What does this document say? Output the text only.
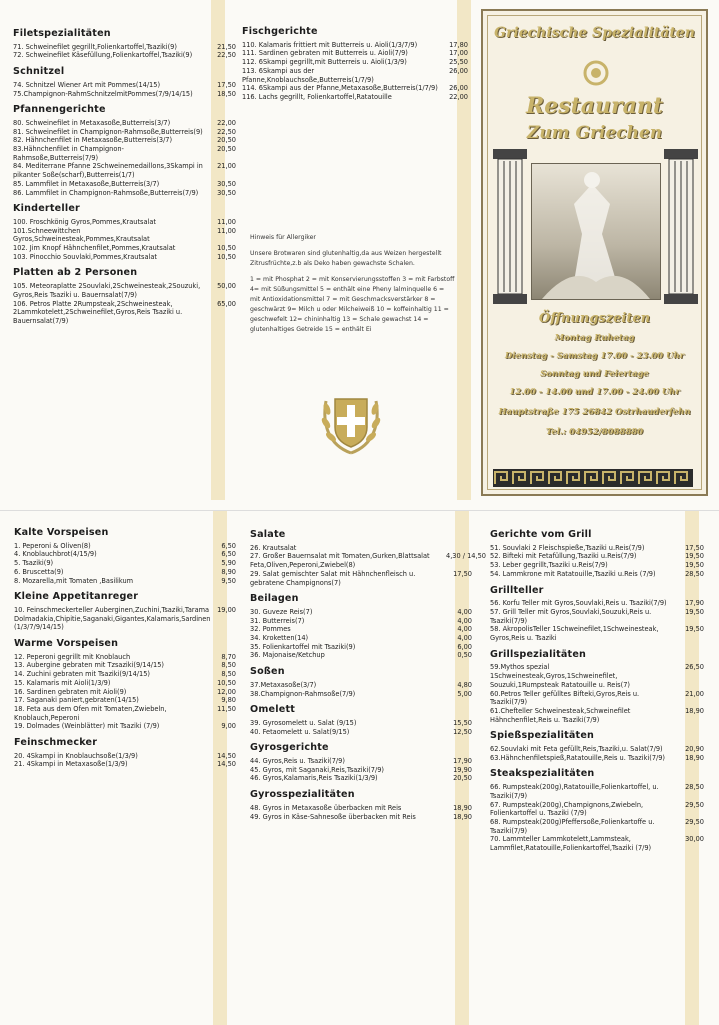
Filetspezialitäten
71. Schweinefilet gegrillt,Folienkartoffel,Tsaziki(9)	21,50
72. Schweinefilet Käsefüllung,Folienkartoffel,Tsaziki(9)	22,50
Schnitzel
74. Schnitzel Wiener Art mit Pommes(14/15)	17,50
75.Champignon-RahmSchnitzelmitPommes(7/9/14/15)	18,50
Pfannengerichte
80. Schweinefilet in Metaxasoße,Butterreis(3/7)	22,00
81. Schweinefilet in Champignon-Rahmsoße,Butterreis(9)	22,50
82. Hähnchenfilet in Metaxasoße,Butterreis(3/7)	20,50
83.Hähnchenfilet in Champignon-Rahmsoße,Butterreis(7/9)
20,50
84. Mediterrane Pfanne 2Schweinemedaillons,3Skampi in pikanter Soße(scharf),Butterreis(1/7)
21,00
85. Lammfilet in Metaxasoße,Butterreis(3/7)	30,50
86. Lammfilet in Champignon-Rahmsoße,Butterreis(7/9)	30,50
Kinderteller
100. Froschkönig Gyros,Pommes,Krautsalat	11,00
101.Schneewittchen Gyros,Schweinesteak,Pommes,Krautsalat
11,00
102. Jim Knopf Hähnchenfilet,Pommes,Krautsalat	10,50
103. Pinocchio Souvlaki,Pommes,Krautsalat	10,50
Platten ab 2 Personen
105. Meteoraplatte 2Souvlaki,2Schweinesteak,2Souzuki, Gyros,Reis Tsaziki u. Bauernsalat(7/9)
50,00
106. Petros Platte 2Rumpsteak,2Schweinesteak, 2Lammkotelett,2Schweinefilet,Gyros,Reis Tsaziki u. Bauernsalat(7/9)
65,00
Fischgerichte
110. Kalamaris frittiert mit Butterreis u. Aioli(1/3/7/9)	17,80
111. Sardinen gebraten mit Butterreis u. Aioli(7/9)	17,00
112. 6Skampi gegrillt,mit Butterreis u. Aioli(1/3/9)	25,50
113. 6Skampi aus der Pfanne,Knoblauchsoße,Butterreis(1/7/9)
26,00
114. 6Skampi aus der Pfanne,Metaxasoße,Butterreis(1/7/9)	26,00
116. Lachs gegrillt, Folienkartoffel,Ratatouille	22,00

Hinweis für Allergiker

Unsere Brotwaren sind glutenhaltig,da aus Weizen hergestellt Zitrusfrüchte,z.b als Deko haben gewachste Schalen.

1 = mit Phosphat 2 = mit Konservierungsstoffen 3 = mit Farbstoff 4= mit Süßungsmittel 5 = enthält eine Pheny lalminquelle 6 = mit Antioxidationsmittel 7 = mit Geschmacksverstärker 8 = geschwärzt 9= Milch u oder Milcheiweiß 10 = koffeinhaltig 11 = geschwefelt 12= chininhaltig 13 = Schale gewachst 14 = glutenhaltiges Getreide 15 = enthält Ei

Griechische Spezialitäten
Restaurant
Zum Griechen
Öffnungszeiten
Montag Ruhetag
Dienstag - Samstag 17.00 - 23.00 Uhr
Sonntag und Feiertage
12.00 - 14.00 und 17.00 - 24.00 Uhr
Hauptstraße 175 26842 Ostrhauderfehn
Tel.: 04952/8088880
Kalte Vorspeisen
1. Peperoni & Oliven(8)	6,50
4. Knoblauchbrot(4/15/9)	6,50
5. Tsaziki(9)	5,90
6. Bruscetta(9)	8,90
8. Mozarella,mit Tomaten ,Basilikum	9,50
Kleine Appetitanreger
10. Feinschmeckerteller Auberginen,Zuchini,Tsaziki,Tarama Dolmadakia,Chipitie,Saganaki,Gigantes,Kalamaris,Sardinen (1/3/7/9/14/15)
19,00
Warme Vorspeisen
12. Peperoni gegrillt mit Knoblauch	8,70
13. Aubergine gebraten mit Tzsaziki(9/14/15)	8,50
14. Zuchini gebraten mit Tsaziki(9/14/15)	8,50
15. Kalamaris mit Aioli(1/3/9)	10,50
16. Sardinen gebraten mit Aioli(9)	12,00
17. Saganaki paniert,gebraten(14/15)	9,80
18. Feta aus dem Ofen mit Tomaten,Zwiebeln, Knoblauch,Peperoni
11,50
19. Dolmades (Weinblätter) mit Tsaziki (7/9)	9,00
Feinschmecker
20. 4Skampi in Knoblauchsoße(1/3/9)	14,50
21. 4Skampi in Metaxasoße(1/3/9)	14,50
Salate
26. Krautsalat
27. Großer Bauernsalat mit Tomaten,Gurken,Blattsalat Feta,Oliven,Peperoni,Zwiebel(8)
4,30 / 14,50
29. Salat gemischter Salat mit Hähnchenfleisch u. gebratene Champignons(7)
17,50
Beilagen
30. Guveze Reis(7)	4,00
31. Butterreis(7)	4,00
32. Pommes	4,00
34. Kroketten(14)	4,00
35. Folienkartoffel mit Tsaziki(9)	6,00
36. Majonaise/Ketchup	0,50
Soßen
37.Metaxasoße(3/7)	4,80
38.Champignon-Rahmsoße(7/9)	5,00
Omelett
39. Gyrosomelett u. Salat (9/15)	15,50
40. Fetaomelett u. Salat(9/15)	12,50
Gyrosgerichte
44. Gyros,Reis u. Tsaziki(7/9)	17,90
45. Gyros, mit Saganaki,Reis,Tsaziki(7/9)	19,90
46. Gyros,Kalamaris,Reis Tsaziki(1/3/9)	20,50
Gyrosspezialitäten
48. Gyros in Metaxasoße überbacken mit Reis	18,90
49. Gyros in Käse-Sahnesoße überbacken mit Reis	18,90
Gerichte vom Grill
51. Souvlaki 2 Fleischspieße,Tsaziki u.Reis(7/9)	17,50
52. Bifteki mit Fetafüllung,Tsaziki u.Reis(7/9)	19,50
53. Leber gegrillt,Tsaziki u.Reis(7/9)	19,50
54. Lammkrone mit Ratatouille,Tsaziki u.Reis (7/9)	28,50
Grillteller
56. Korfu Teller mit Gyros,Souvlaki,Reis u. Tsaziki(7/9)	17,90
57. Grill Teller mit Gyros,Souvlaki,Souzuki,Reis u. Tsaziki(7/9)
19,50
58. AkropolisTeller 1Schweinefilet,1Schweinesteak, Gyros,Reis u. Tsaziki
19,50
Grillspezialitäten
59.Mythos spezial 1Schweinesteak,Gyros,1Schweinefilet, Souzuki,1Rumpsteak Ratatouille u. Reis(7)
26,50
60.Petros Teller gefülltes Bifteki,Gyros,Reis u. Tsaziki(7/9)
21,00
61.Chefteller Schweinesteak,Schweinefilet Hähnchenfilet,Reis u. Tsaziki(7/9)
18,90
Spießspezialitäten
62.Souvlaki mit Feta gefüllt,Reis,Tsaziki,u. Salat(7/9)	20,90
63.Hähnchenfiletspieß,Ratatouille,Reis u. Tsaziki(7/9)	18,90
Steakspezialitäten
66. Rumpsteak(200g),Ratatouille,Folienkartoffel, u. Tsaziki(7/9)
28,50
67. Rumpsteak(200g),Champignons,Zwiebeln, Folienkartoffel u. Tsaziki (7/9)
29,50
68. Rumpsteak(200g)Pfeffersoße,Folienkartoffe u. Tsaziki(7/9)
29,50
70. Lammteller Lammkotelett,Lammsteak, Lammfilet,Ratatouille,Folienkartoffel,Tsaziki (7/9)
30,00
